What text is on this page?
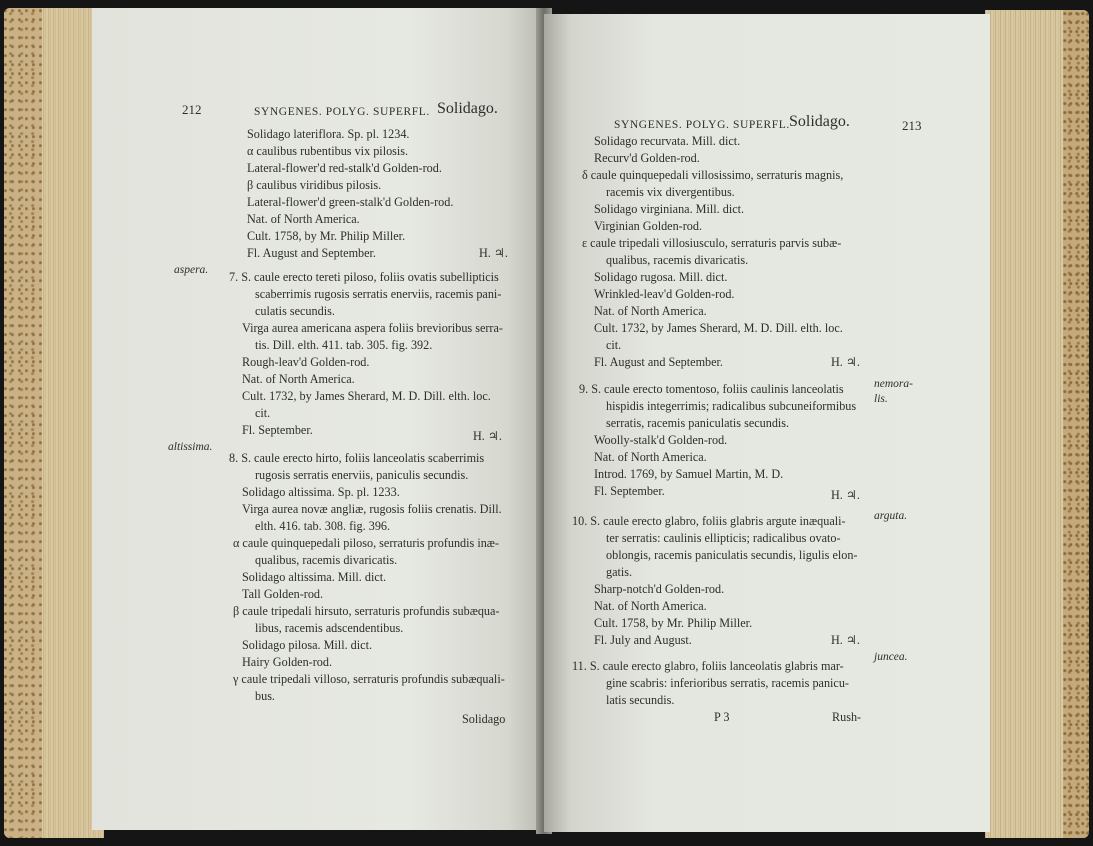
212	SYNGENES. POLYG. SUPERFL. Solidago.
aspera.
altissima.
Solidago lateriflora. Sp. pl. 1234.
α caulibus rubentibus vix pilosis.
Lateral-flower'd red-stalk'd Golden-rod.
β caulibus viridibus pilosis.
Lateral-flower'd green-stalk'd Golden-rod.
Nat. of North America.
Cult. 1758, by Mr. Philip Miller.
Fl. August and September.	H. ♃.
7. S. caule erecto tereti piloso, foliis ovatis subellipticis
scaberrimis rugosis serratis enerviis, racemis pani-
culatis secundis.
Virga aurea americana aspera foliis brevioribus serra-
tis. Dill. elth. 411. tab. 305. fig. 392.
Rough-leav'd Golden-rod.
Nat. of North America.
Cult. 1732, by James Sherard, M. D. Dill. elth. loc.
cit.
Fl. September.	H. ♃.
8. S. caule erecto hirto, foliis lanceolatis scaberrimis
rugosis serratis enerviis, paniculis secundis.
Solidago altissima. Sp. pl. 1233.
Virga aurea novæ angliæ, rugosis foliis crenatis. Dill.
elth. 416. tab. 308. fig. 396.
α caule quinquepedali piloso, serraturis profundis inæ-
qualibus, racemis divaricatis.
Solidago altissima. Mill. dict.
Tall Golden-rod.
β caule tripedali hirsuto, serraturis profundis subæqua-
libus, racemis adscendentibus.
Solidago pilosa. Mill. dict.
Hairy Golden-rod.
γ caule tripedali villoso, serraturis profundis subæquali-
bus.
Solidago
SYNGENES. POLYG. SUPERFL. Solidago.	213
nemora-
lis.
arguta.
juncea.
Solidago recurvata. Mill. dict.
Recurv'd Golden-rod.
δ caule quinquepedali villosissimo, serraturis magnis,
racemis vix divergentibus.
Solidago virginiana. Mill. dict.
Virginian Golden-rod.
ε caule tripedali villosiusculo, serraturis parvis subæ-
qualibus, racemis divaricatis.
Solidago rugosa. Mill. dict.
Wrinkled-leav'd Golden-rod.
Nat. of North America.
Cult. 1732, by James Sherard, M. D. Dill. elth. loc.
cit.
Fl. August and September.	H. ♃.
9. S. caule erecto tomentoso, foliis caulinis lanceolatis
hispidis integerrimis; radicalibus subcuneiformibus
serratis, racemis paniculatis secundis.
Woolly-stalk'd Golden-rod.
Nat. of North America.
Introd. 1769, by Samuel Martin, M. D.
Fl. September.	H. ♃.
10. S. caule erecto glabro, foliis glabris argute inæquali-
ter serratis: caulinis ellipticis; radicalibus ovato-
oblongis, racemis paniculatis secundis, ligulis elon-
gatis.
Sharp-notch'd Golden-rod.
Nat. of North America.
Cult. 1758, by Mr. Philip Miller.
Fl. July and August.	H. ♃.
11. S. caule erecto glabro, foliis lanceolatis glabris mar-
gine scabris: inferioribus serratis, racemis panicu-
latis secundis.
P 3	Rush-
